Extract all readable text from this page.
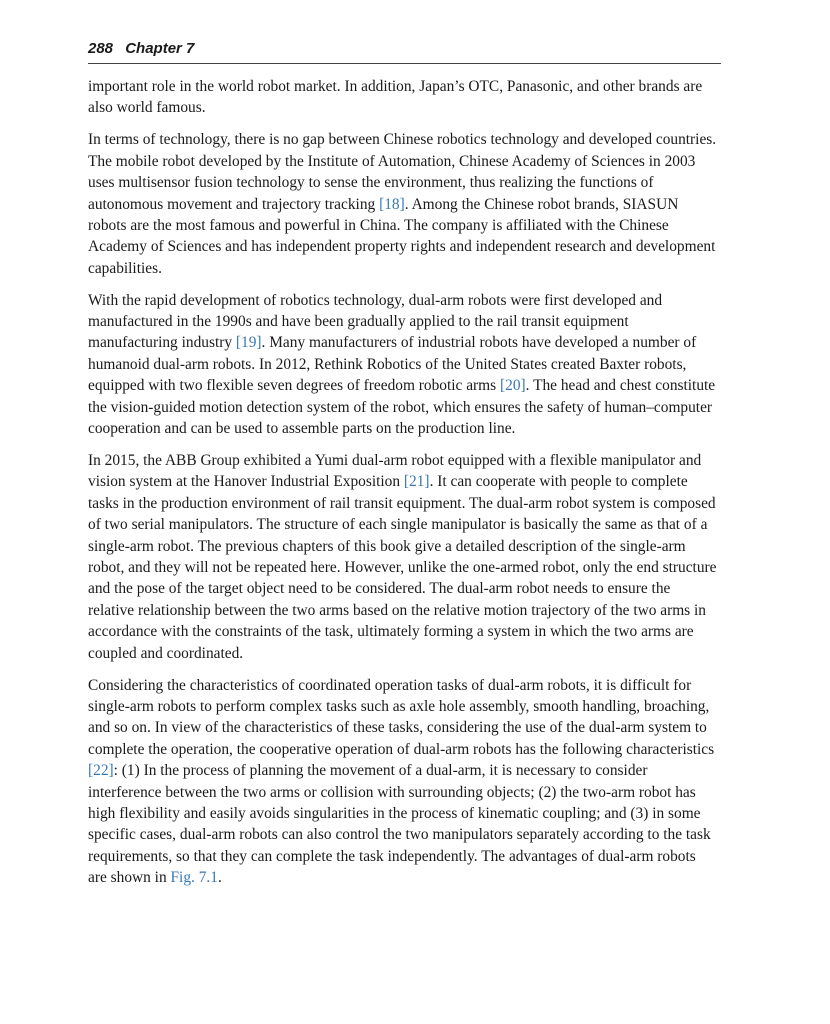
288 Chapter 7

important role in the world robot market. In addition, Japan’s OTC, Panasonic, and other brands are also world famous.

In terms of technology, there is no gap between Chinese robotics technology and developed countries. The mobile robot developed by the Institute of Automation, Chinese Academy of Sciences in 2003 uses multisensor fusion technology to sense the environment, thus realizing the functions of autonomous movement and trajectory tracking [18]. Among the Chinese robot brands, SIASUN robots are the most famous and powerful in China. The company is affiliated with the Chinese Academy of Sciences and has independent property rights and independent research and development capabilities.

With the rapid development of robotics technology, dual-arm robots were first developed and manufactured in the 1990s and have been gradually applied to the rail transit equipment manufacturing industry [19]. Many manufacturers of industrial robots have developed a number of humanoid dual-arm robots. In 2012, Rethink Robotics of the United States created Baxter robots, equipped with two flexible seven degrees of freedom robotic arms [20]. The head and chest constitute the vision-guided motion detection system of the robot, which ensures the safety of human–computer cooperation and can be used to assemble parts on the production line.

In 2015, the ABB Group exhibited a Yumi dual-arm robot equipped with a flexible manipulator and vision system at the Hanover Industrial Exposition [21]. It can cooperate with people to complete tasks in the production environment of rail transit equipment. The dual-arm robot system is composed of two serial manipulators. The structure of each single manipulator is basically the same as that of a single-arm robot. The previous chapters of this book give a detailed description of the single-arm robot, and they will not be repeated here. However, unlike the one-armed robot, only the end structure and the pose of the target object need to be considered. The dual-arm robot needs to ensure the relative relationship between the two arms based on the relative motion trajectory of the two arms in accordance with the constraints of the task, ultimately forming a system in which the two arms are coupled and coordinated.

Considering the characteristics of coordinated operation tasks of dual-arm robots, it is difficult for single-arm robots to perform complex tasks such as axle hole assembly, smooth handling, broaching, and so on. In view of the characteristics of these tasks, considering the use of the dual-arm system to complete the operation, the cooperative operation of dual-arm robots has the following characteristics [22]: (1) In the process of planning the movement of a dual-arm, it is necessary to consider interference between the two arms or collision with surrounding objects; (2) the two-arm robot has high flexibility and easily avoids singularities in the process of kinematic coupling; and (3) in some specific cases, dual-arm robots can also control the two manipulators separately according to the task requirements, so that they can complete the task independently. The advantages of dual-arm robots are shown in Fig. 7.1.
